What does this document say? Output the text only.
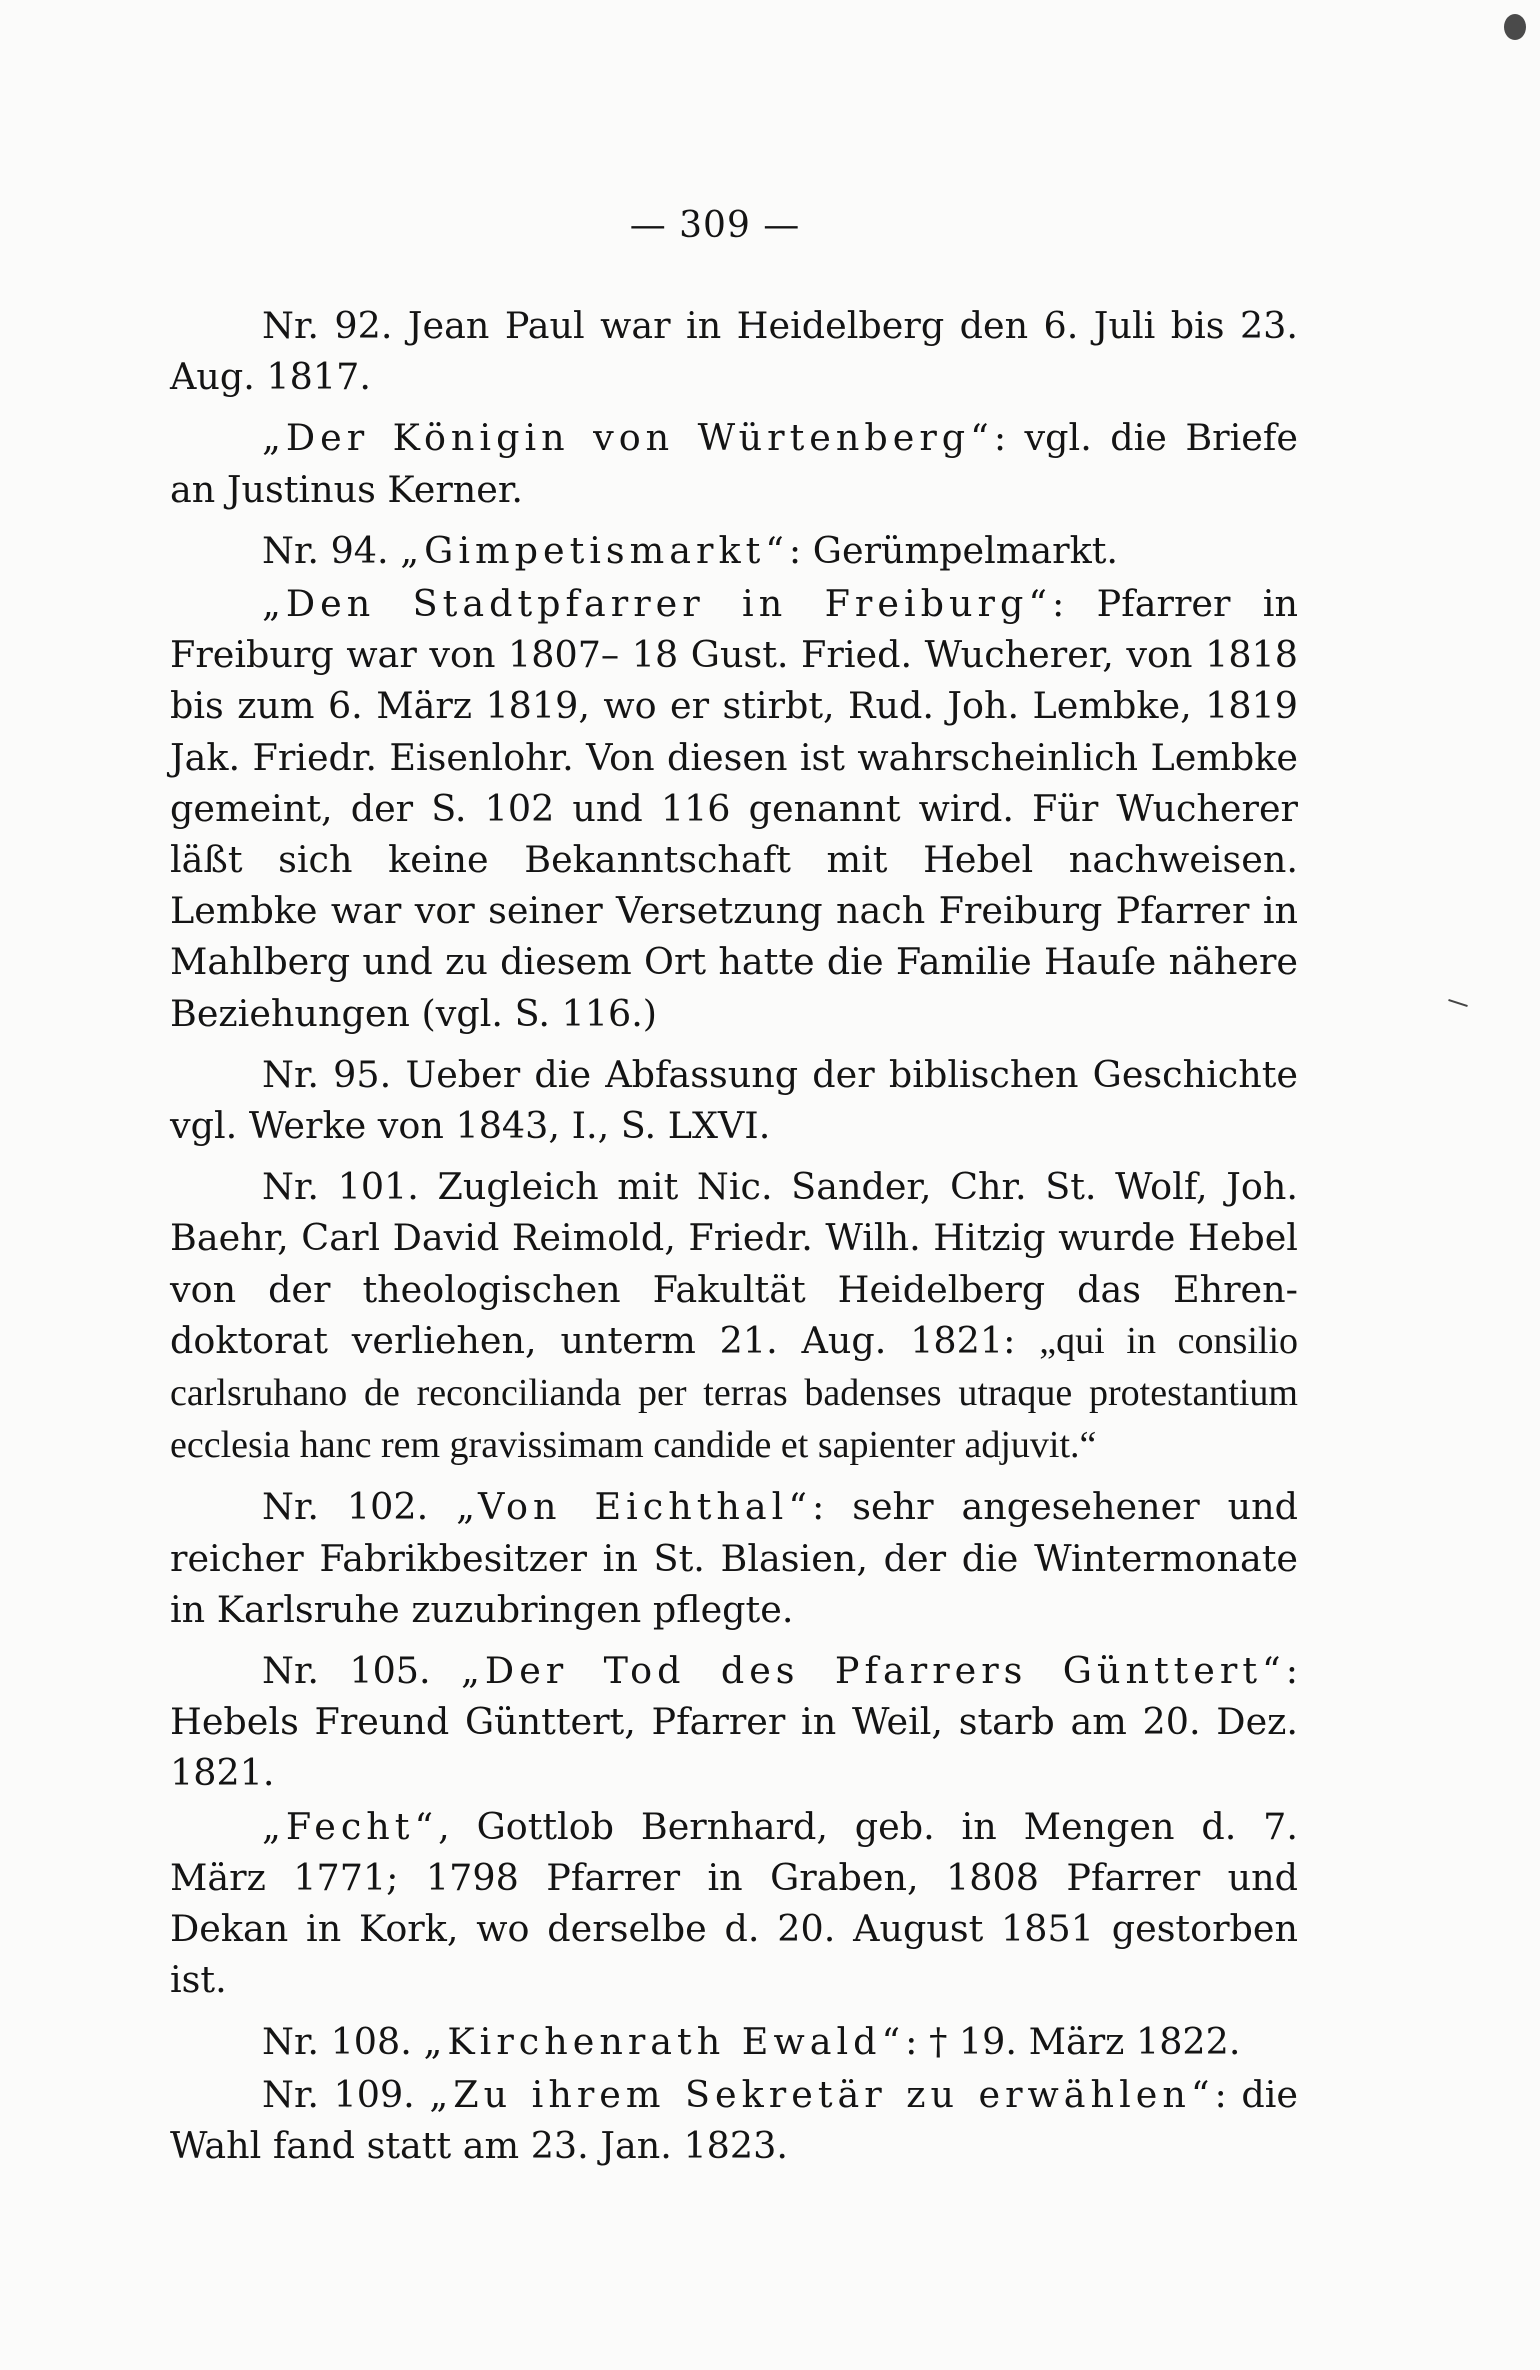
— 309 —

Nr. 92. Jean Paul war in Heidelberg den 6. Juli bis 23. Aug. 1817.

„Der Königin von Würtenberg“: vgl. die Briefe an Justinus Kerner.

Nr. 94. „Gimpetismarkt“: Gerümpelmarkt.

„Den Stadtpfarrer in Freiburg“: Pfarrer in Freiburg war von 1807– 18 Gust. Fried. Wucherer, von 1818 bis zum 6. März 1819, wo er stirbt, Rud. Joh. Lembke, 1819 Jak. Friedr. Eisenlohr. Von diesen ist wahrscheinlich Lembke gemeint, der S. 102 und 116 genannt wird. Für Wucherer läßt sich keine Bekanntschaft mit Hebel nachweisen. Lembke war vor seiner Versetzung nach Freiburg Pfarrer in Mahlberg und zu diesem Ort hatte die Familie Hauſe nähere Beziehungen (vgl. S. 116.)

Nr. 95. Ueber die Abfassung der biblischen Geschichte vgl. Werke von 1843, I., S. LXVI.

Nr. 101. Zugleich mit Nic. Sander, Chr. St. Wolf, Joh. Baehr, Carl David Reimold, Friedr. Wilh. Hitzig wurde Hebel von der theologischen Fakultät Heidelberg das Ehrendoktorat verliehen, unterm 21. Aug. 1821: „qui in consilio carlsruhano de reconcilianda per terras badenses utraque protestantium ecclesia hanc rem gravissimam candide et sapienter adjuvit.“

Nr. 102. „Von Eichthal“: sehr angesehener und reicher Fabrikbesitzer in St. Blasien, der die Wintermonate in Karlsruhe zuzubringen pflegte.

Nr. 105. „Der Tod des Pfarrers Günttert“: Hebels Freund Günttert, Pfarrer in Weil, starb am 20. Dez. 1821.

„Fecht“, Gottlob Bernhard, geb. in Mengen d. 7. März 1771; 1798 Pfarrer in Graben, 1808 Pfarrer und Dekan in Kork, wo derselbe d. 20. August 1851 gestorben ist.

Nr. 108. „Kirchenrath Ewald“: † 19. März 1822.

Nr. 109. „Zu ihrem Sekretär zu erwählen“: die Wahl fand statt am 23. Jan. 1823.
